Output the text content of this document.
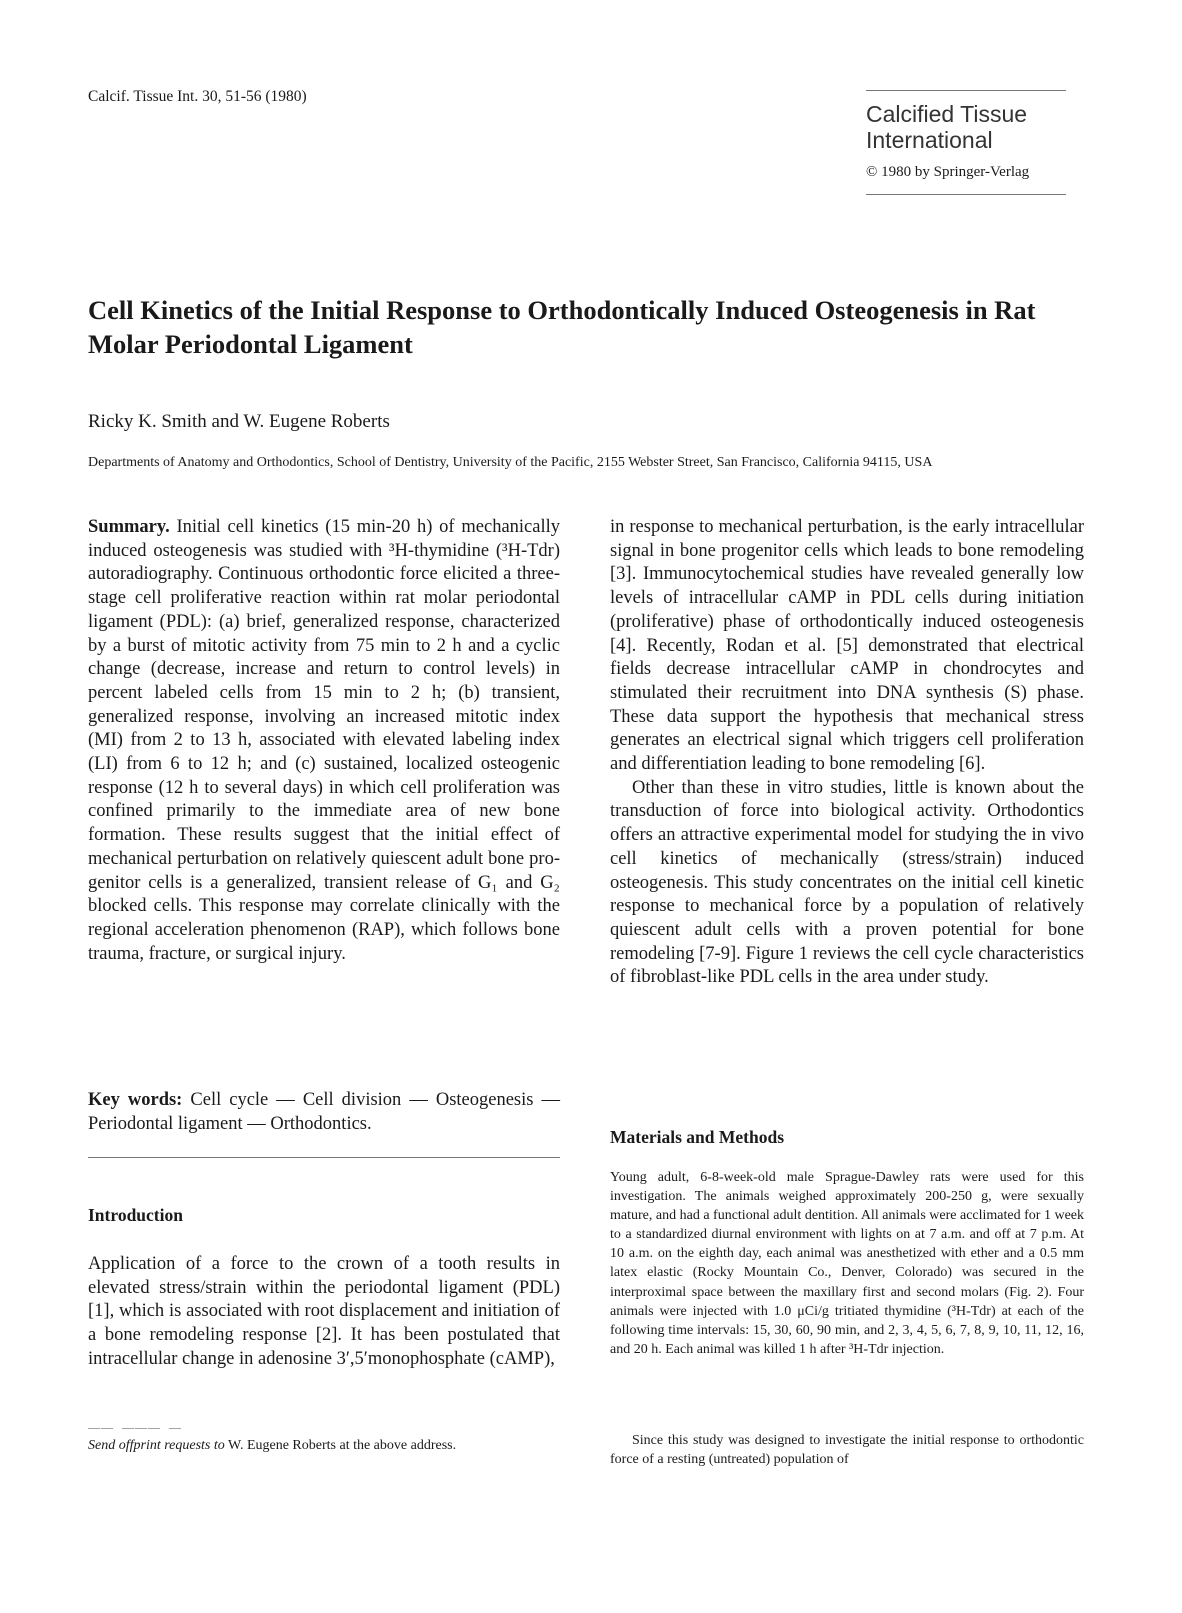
Calcif. Tissue Int. 30, 51-56 (1980)
Calcified Tissue International
© 1980 by Springer-Verlag
Cell Kinetics of the Initial Response to Orthodontically Induced Osteogenesis in Rat Molar Periodontal Ligament
Ricky K. Smith and W. Eugene Roberts
Departments of Anatomy and Orthodontics, School of Dentistry, University of the Pacific, 2155 Webster Street, San Francisco, California 94115, USA

Summary. Initial cell kinetics (15 min-20 h) of mechanically induced osteogenesis was studied with ³H-thymidine (³H-Tdr) autoradiography. Continuous orthodontic force elicited a three-stage cell proliferative reaction within rat molar periodontal ligament (PDL): (a) brief, generalized response, characterized by a burst of mitotic activity from 75 min to 2 h and a cyclic change (decrease, increase and return to control levels) in percent labeled cells from 15 min to 2 h; (b) transient, generalized response, involving an increased mitotic index (MI) from 2 to 13 h, associated with elevated labeling index (LI) from 6 to 12 h; and (c) sustained, localized osteogenic response (12 h to several days) in which cell proliferation was confined primarily to the immediate area of new bone formation. These results suggest that the initial effect of mechanical perturbation on relatively quiescent adult bone progenitor cells is a generalized, transient release of G₁ and G₂ blocked cells. This response may correlate clinically with the regional acceleration phenomenon (RAP), which follows bone trauma, fracture, or surgical injury.

Key words: Cell cycle — Cell division — Osteogenesis — Periodontal ligament — Orthodontics.

Introduction

Application of a force to the crown of a tooth results in elevated stress/strain within the periodontal ligament (PDL) [1], which is associated with root displacement and initiation of a bone remodeling response [2]. It has been postulated that intracellular change in adenosine 3′,5′monophosphate (cAMP),

——  ———  —
Send offprint requests to W. Eugene Roberts at the above address.

in response to mechanical perturbation, is the early intracellular signal in bone progenitor cells which leads to bone remodeling [3]. Immunocytochemical studies have revealed generally low levels of intracellular cAMP in PDL cells during initiation (proliferative) phase of orthodontically induced osteogenesis [4]. Recently, Rodan et al. [5] demonstrated that electrical fields decrease intracellular cAMP in chondrocytes and stimulated their recruitment into DNA synthesis (S) phase. These data support the hypothesis that mechanical stress generates an electrical signal which triggers cell proliferation and differentiation leading to bone remodeling [6].

Other than these in vitro studies, little is known about the transduction of force into biological activity. Orthodontics offers an attractive experimental model for studying the in vivo cell kinetics of mechanically (stress/strain) induced osteogenesis. This study concentrates on the initial cell kinetic response to mechanical force by a population of relatively quiescent adult cells with a proven potential for bone remodeling [7-9]. Figure 1 reviews the cell cycle characteristics of fibroblast-like PDL cells in the area under study.

Materials and Methods

Young adult, 6-8-week-old male Sprague-Dawley rats were used for this investigation. The animals weighed approximately 200-250 g, were sexually mature, and had a functional adult dentition. All animals were acclimated for 1 week to a standardized diurnal environment with lights on at 7 a.m. and off at 7 p.m. At 10 a.m. on the eighth day, each animal was anesthetized with ether and a 0.5 mm latex elastic (Rocky Mountain Co., Denver, Colorado) was secured in the interproximal space between the maxillary first and second molars (Fig. 2). Four animals were injected with 1.0 μCi/g tritiated thymidine (³H-Tdr) at each of the following time intervals: 15, 30, 60, 90 min, and 2, 3, 4, 5, 6, 7, 8, 9, 10, 11, 12, 16, and 20 h. Each animal was killed 1 h after ³H-Tdr injection.

Since this study was designed to investigate the initial response to orthodontic force of a resting (untreated) population of
